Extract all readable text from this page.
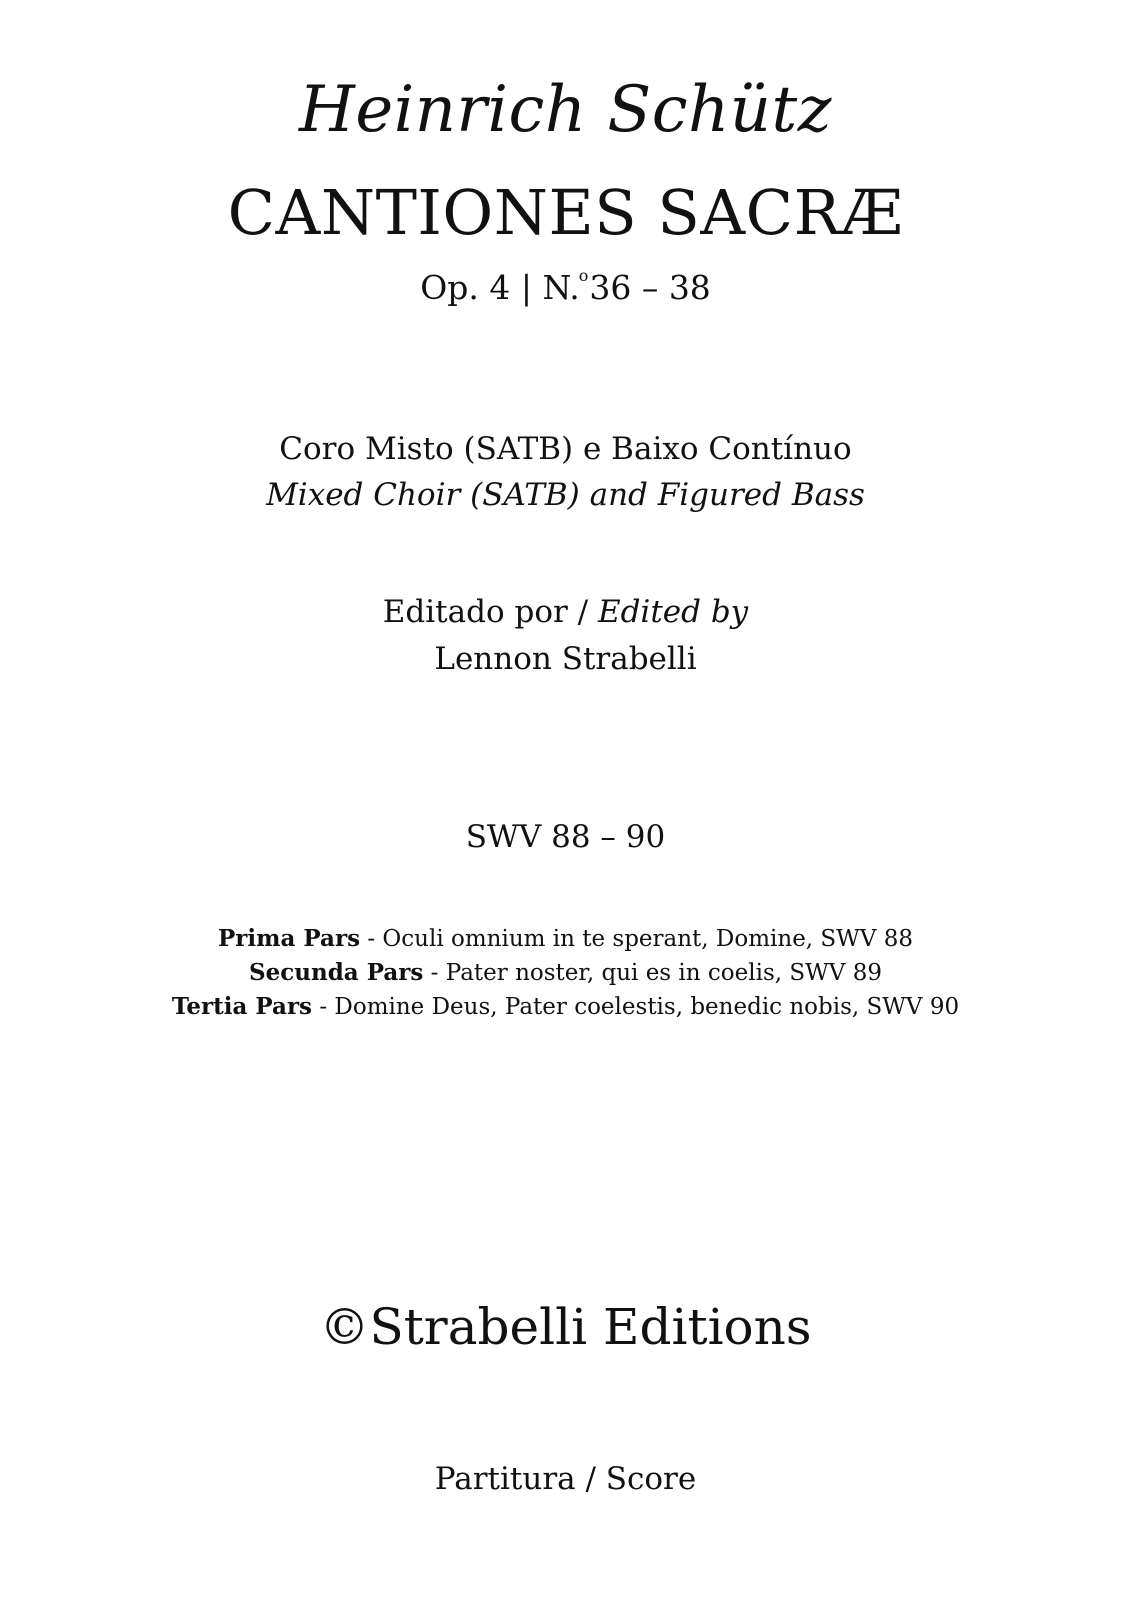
Heinrich Schütz
CANTIONES SACRÆ
Op. 4 | N.$^o$36 – 38
Coro Misto (SATB) e Baixo Contínuo
Mixed Choir (SATB) and Figured Bass
Editado por / Edited by
Lennon Strabelli
SWV 88 – 90
Prima Pars - Oculi omnium in te sperant, Domine, SWV 88
Secunda Pars - Pater noster, qui es in coelis, SWV 89
Tertia Pars - Domine Deus, Pater coelestis, benedic nobis, SWV 90
©Strabelli Editions
Partitura / Score
